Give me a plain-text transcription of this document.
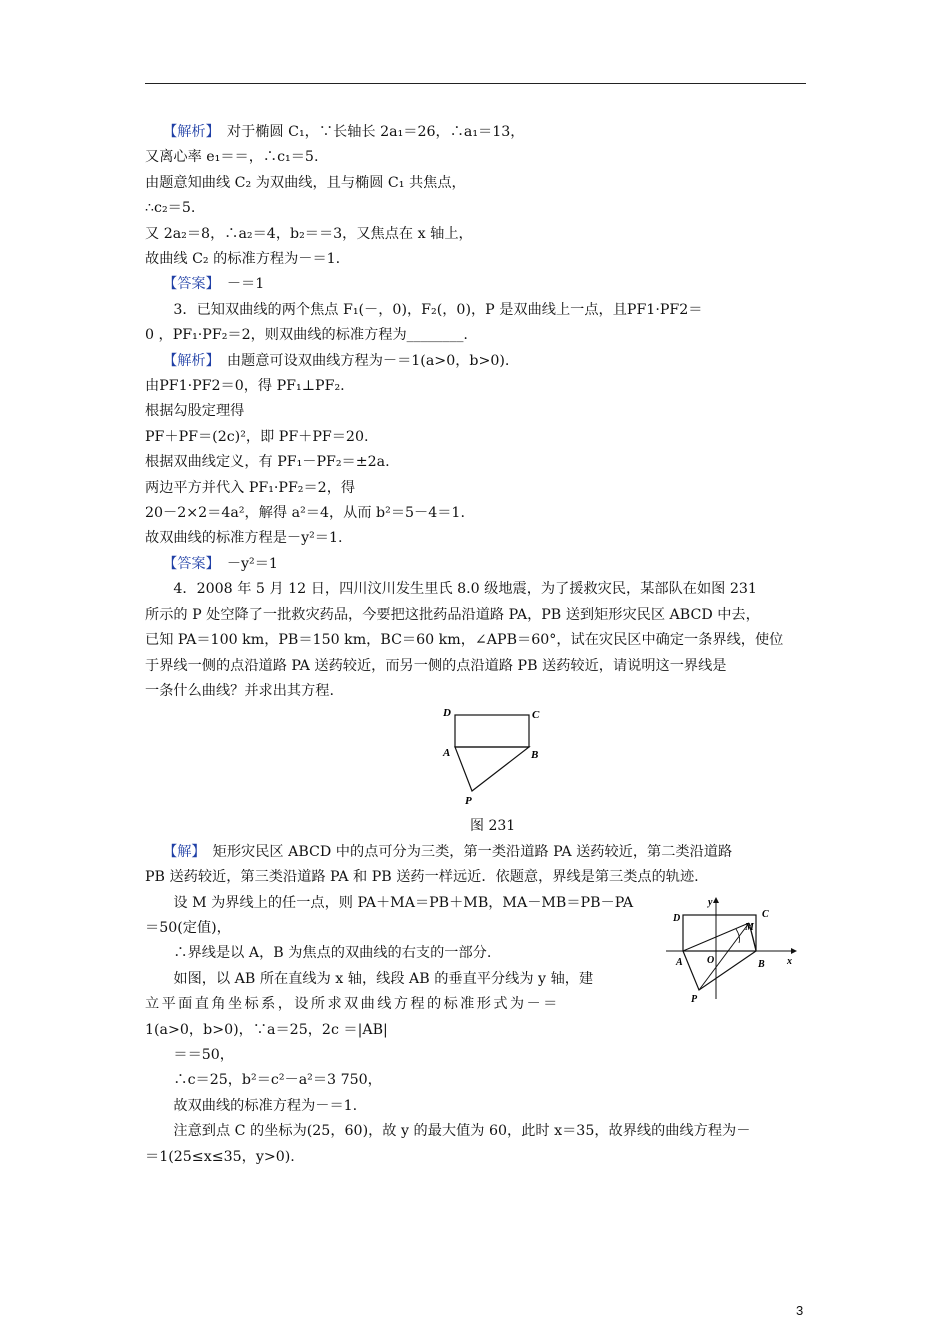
【解析】　对于椭圆 C₁，∵长轴长 2a₁＝26，∴a₁＝13，
又离心率 e₁＝＝，∴c₁＝5.
由题意知曲线 C₂ 为双曲线，且与椭圆 C₁ 共焦点，
∴c₂＝5.
又 2a₂＝8，∴a₂＝4，b₂＝＝3，又焦点在 x 轴上，
故曲线 C₂ 的标准方程为－＝1.
【答案】　－＝1
　　3．已知双曲线的两个焦点 F₁(－，0)，F₂(，0)，P 是双曲线上一点，且PF1·PF2＝
0 ，PF₁·PF₂＝2，则双曲线的标准方程为________.
【解析】　由题意可设双曲线方程为－＝1(a>0，b>0).
由PF1·PF2＝0，得 PF₁⊥PF₂.
根据勾股定理得
PF＋PF＝(2c)²，即 PF＋PF＝20.
根据双曲线定义，有 PF₁－PF₂＝±2a.
两边平方并代入 PF₁·PF₂＝2，得
20－2×2＝4a²，解得 a²＝4，从而 b²＝5－4＝1.
故双曲线的标准方程是－y²＝1.
【答案】　－y²＝1
　　4．2008 年 5 月 12 日，四川汶川发生里氏 8.0 级地震，为了援救灾民，某部队在如图 231
所示的 P 处空降了一批救灾药品，今要把这批药品沿道路 PA，PB 送到矩形灾民区 ABCD 中去，
已知 PA＝100 km，PB＝150 km，BC＝60 km，∠APB＝60°，试在灾民区中确定一条界线，使位
于界线一侧的点沿道路 PA 送药较近，而另一侧的点沿道路 PB 送药较近，请说明这一界线是
一条什么曲线？并求出其方程.
【解】　矩形灾民区 ABCD 中的点可分为三类，第一类沿道路 PA 送药较近，第二类沿道路
PB 送药较近，第三类沿道路 PA 和 PB 送药一样远近．依题意，界线是第三类点的轨迹.
　　设 M 为界线上的任一点，则 PA＋MA＝PB＋MB，MA－MB＝PB－PA
＝50(定值)，
　　∴界线是以 A，B 为焦点的双曲线的右支的一部分.
　　如图，以 AB 所在直线为 x 轴，线段 AB 的垂直平分线为 y 轴，建
立平面直角坐标系，设所求双曲线方程的标准形式为－＝
1(a>0，b>0)，∵a＝25，2c ＝|AB|
　　＝＝50，
　　∴c＝25，b²＝c²－a²＝3 750，
　　故双曲线的标准方程为－＝1.
　　注意到点 C 的坐标为(25，60)，故 y 的最大值为 60，此时 x＝35，故界线的曲线方程为－
＝1(25≤x≤35，y>0).
D	C
A	B
P
图 231
D	C
M
A O	B
P
x
y
3
